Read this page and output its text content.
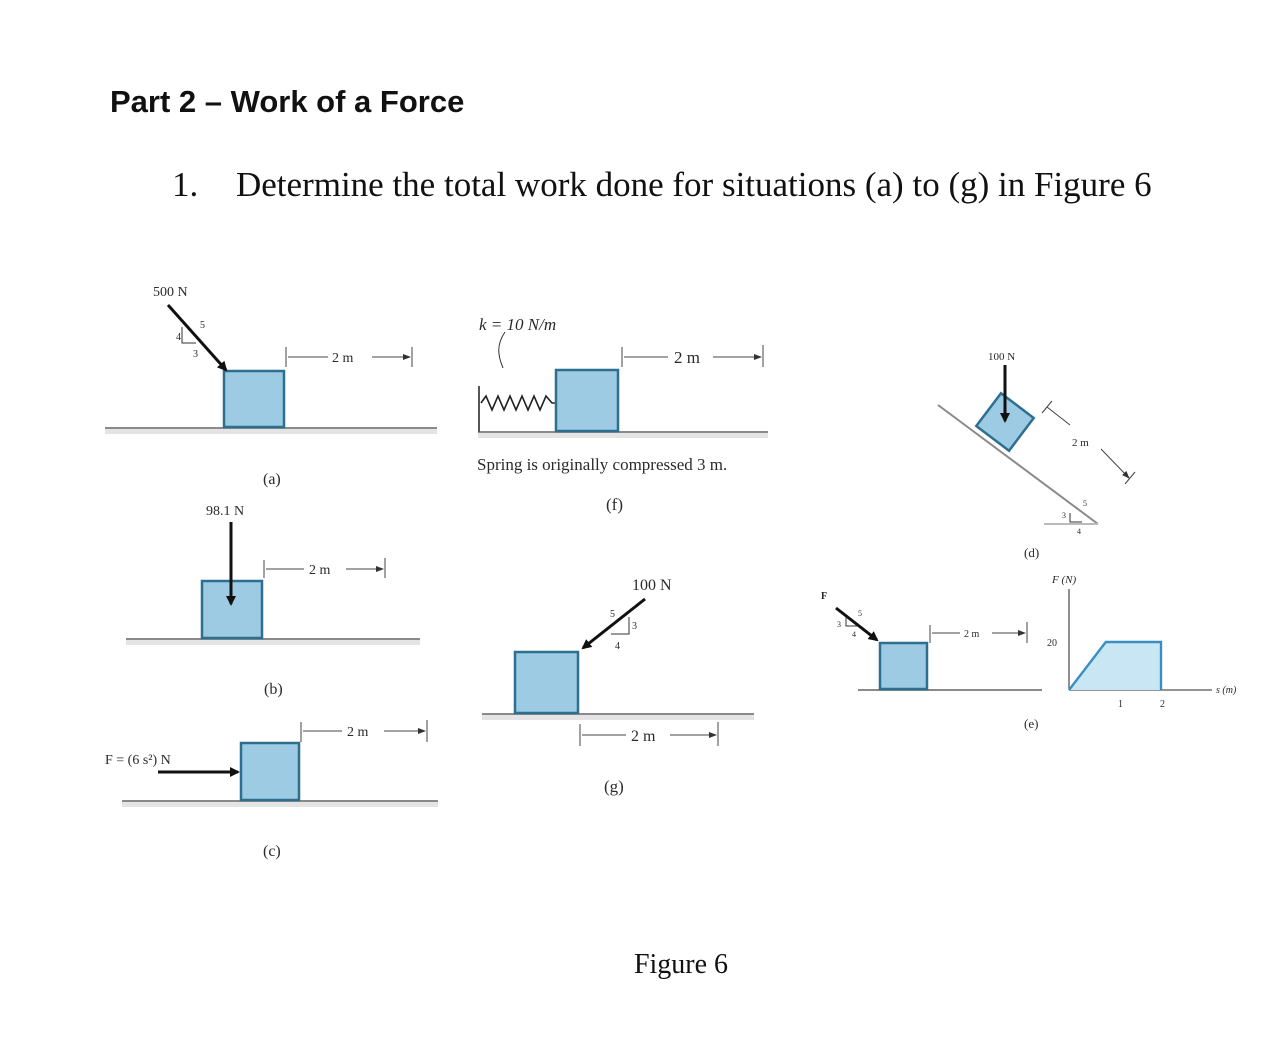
Part 2 – Work of a Force
1. Determine the total work done for situations (a) to (g) in Figure 6
500 N
5
4
3	2 m
(a)
98.1 N
2 m
(b)
F = (6 s²) N
2 m
(c)
k = 10 N/m
2 m
Spring is originally compressed 3 m.
(f)
100 N
5
3
4
2 m
(g)
100 N
2 m
5
3
4
(d)
F
5
3
4	2 m
(e)
F (N)
s (m)
20
1	2
Figure 6
